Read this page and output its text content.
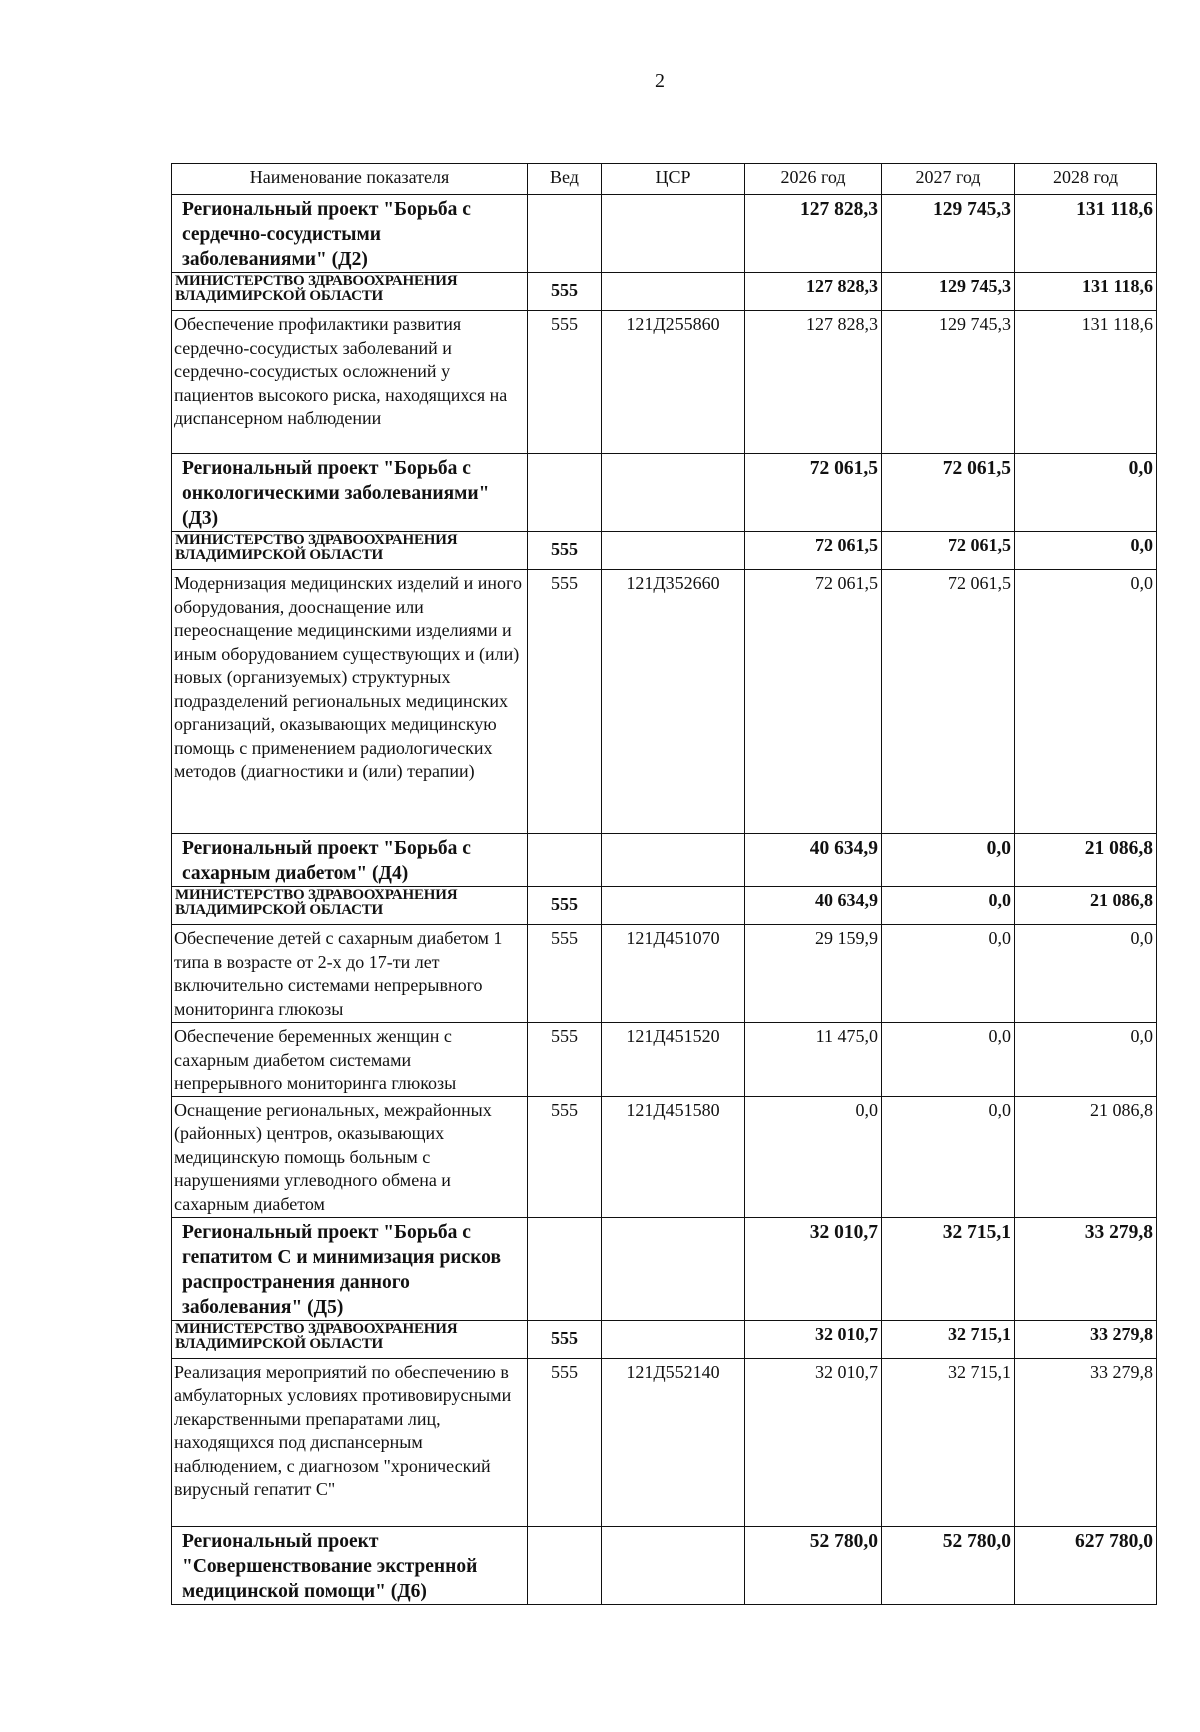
2
Наименование показателя	Вед	ЦСР	2026 год	2027 год	2028 год
Региональный проект "Борьба с сердечно-сосудистыми заболеваниями" (Д2)			127 828,3	129 745,3	131 118,6
МИНИСТЕРСТВО ЗДРАВООХРАНЕНИЯ ВЛАДИМИРСКОЙ ОБЛАСТИ	555		127 828,3	129 745,3	131 118,6
Обеспечение профилактики развития сердечно-сосудистых заболеваний и сердечно-сосудистых осложнений у пациентов высокого риска, находящихся на диспансерном наблюдении	555	121Д255860	127 828,3	129 745,3	131 118,6
Региональный проект "Борьба с онкологическими заболеваниями" (Д3)			72 061,5	72 061,5	0,0
МИНИСТЕРСТВО ЗДРАВООХРАНЕНИЯ ВЛАДИМИРСКОЙ ОБЛАСТИ	555		72 061,5	72 061,5	0,0
Модернизация медицинских изделий и иного оборудования, дооснащение или переоснащение медицинскими изделиями и иным оборудованием существующих и (или) новых (организуемых) структурных подразделений региональных медицинских организаций, оказывающих медицинскую помощь с применением радиологических методов (диагностики и (или) терапии)	555	121Д352660	72 061,5	72 061,5	0,0
Региональный проект "Борьба с сахарным диабетом" (Д4)			40 634,9	0,0	21 086,8
МИНИСТЕРСТВО ЗДРАВООХРАНЕНИЯ ВЛАДИМИРСКОЙ ОБЛАСТИ	555		40 634,9	0,0	21 086,8
Обеспечение детей с сахарным диабетом 1 типа в возрасте от 2-х до 17-ти лет включительно системами непрерывного мониторинга глюкозы	555	121Д451070	29 159,9	0,0	0,0
Обеспечение беременных женщин с сахарным диабетом системами непрерывного мониторинга глюкозы	555	121Д451520	11 475,0	0,0	0,0
Оснащение региональных, межрайонных (районных) центров, оказывающих медицинскую помощь больным с нарушениями углеводного обмена и сахарным диабетом	555	121Д451580	0,0	0,0	21 086,8
Региональный проект "Борьба с гепатитом С и минимизация рисков распространения данного заболевания" (Д5)			32 010,7	32 715,1	33 279,8
МИНИСТЕРСТВО ЗДРАВООХРАНЕНИЯ ВЛАДИМИРСКОЙ ОБЛАСТИ	555		32 010,7	32 715,1	33 279,8
Реализация мероприятий по обеспечению в амбулаторных условиях противовирусными лекарственными препаратами лиц, находящихся под диспансерным наблюдением, с диагнозом "хронический вирусный гепатит С"	555	121Д552140	32 010,7	32 715,1	33 279,8
Региональный проект "Совершенствование экстренной медицинской помощи" (Д6)			52 780,0	52 780,0	627 780,0
